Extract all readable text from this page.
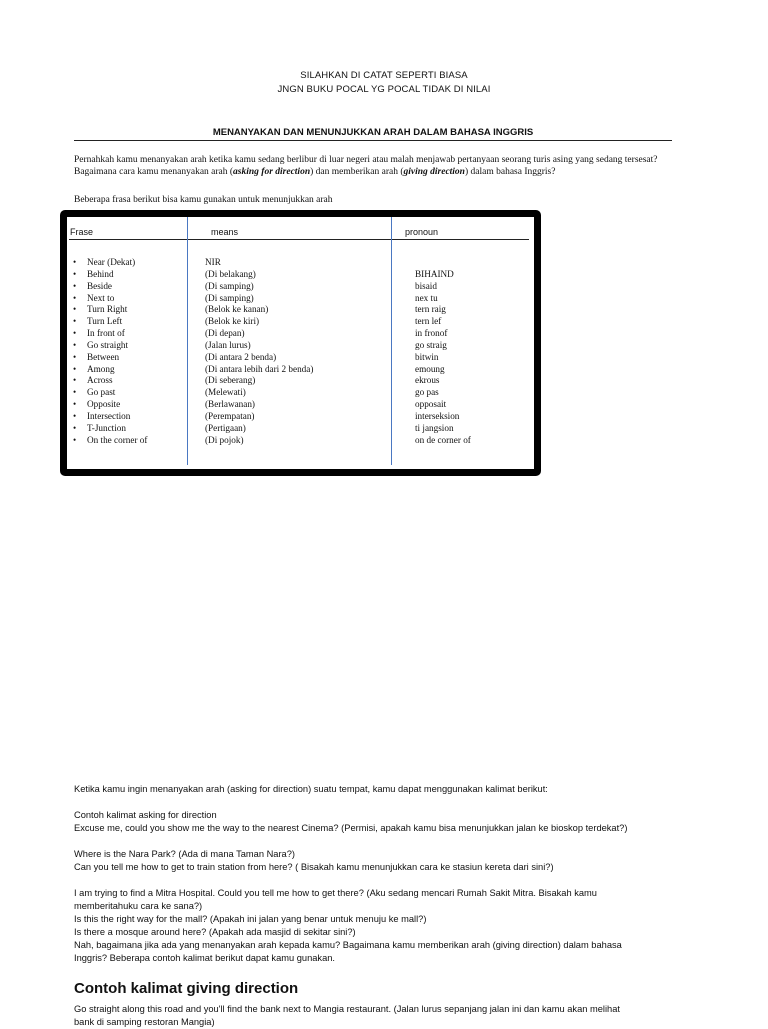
SILAHKAN DI CATAT SEPERTI BIASA
JNGN BUKU POCAL YG POCAL TIDAK DI NILAI
MENANYAKAN DAN MENUNJUKKAN ARAH DALAM BAHASA INGGRIS
Pernahkah kamu menanyakan arah ketika kamu sedang berlibur di luar negeri atau malah menjawab pertanyaan seorang turis asing yang sedang tersesat?
Bagaimana cara kamu menanyakan arah (asking for direction) dan memberikan arah (giving direction) dalam bahasa Inggris?
Beberapa frasa berikut bisa kamu gunakan untuk menunjukkan arah
Frase	means	pronoun
• Near (Dekat)
• Behind
• Beside
• Next to
• Turn Right
• Turn Left
• In front of
• Go straight
• Between
• Among
• Across
• Go past
• Opposite
• Intersection
• T-Junction
• On the corner of
NIR
(Di belakang)
(Di samping)
(Di samping)
(Belok ke kanan)
(Belok ke kiri)
(Di depan)
(Jalan lurus)
(Di antara 2 benda)
(Di antara lebih dari 2 benda)
(Di seberang)
(Melewati)
(Berlawanan)
(Perempatan)
(Pertigaan)
(Di pojok)
BIHAIND
bisaid
nex tu
tern raig
tern lef
in fronof
go straig
bitwin
emoung
ekrous
go pas
opposait
interseksion
ti jangsion
on de corner of
Ketika kamu ingin menanyakan arah (asking for direction) suatu tempat, kamu dapat menggunakan kalimat berikut:
Contoh kalimat asking for direction
Excuse me, could you show me the way to the nearest Cinema? (Permisi, apakah kamu bisa menunjukkan jalan ke bioskop terdekat?)
Where is the Nara Park? (Ada di mana Taman Nara?)
Can you tell me how to get to train station from here? ( Bisakah kamu menunjukkan cara ke stasiun kereta dari sini?)
I am trying to find a Mitra Hospital. Could you tell me how to get there? (Aku sedang mencari Rumah Sakit Mitra. Bisakah kamu
memberitahuku cara ke sana?)
Is this the right way for the mall? (Apakah ini jalan yang benar untuk menuju ke mall?)
Is there a mosque around here? (Apakah ada masjid di sekitar sini?)
Nah, bagaimana jika ada yang menanyakan arah kepada kamu? Bagaimana kamu memberikan arah (giving direction) dalam bahasa
Inggris? Beberapa contoh kalimat berikut dapat kamu gunakan.
Contoh kalimat giving direction
Go straight along this road and you'll find the bank next to Mangia restaurant. (Jalan lurus sepanjang jalan ini dan kamu akan melihat
bank di samping restoran Mangia)
